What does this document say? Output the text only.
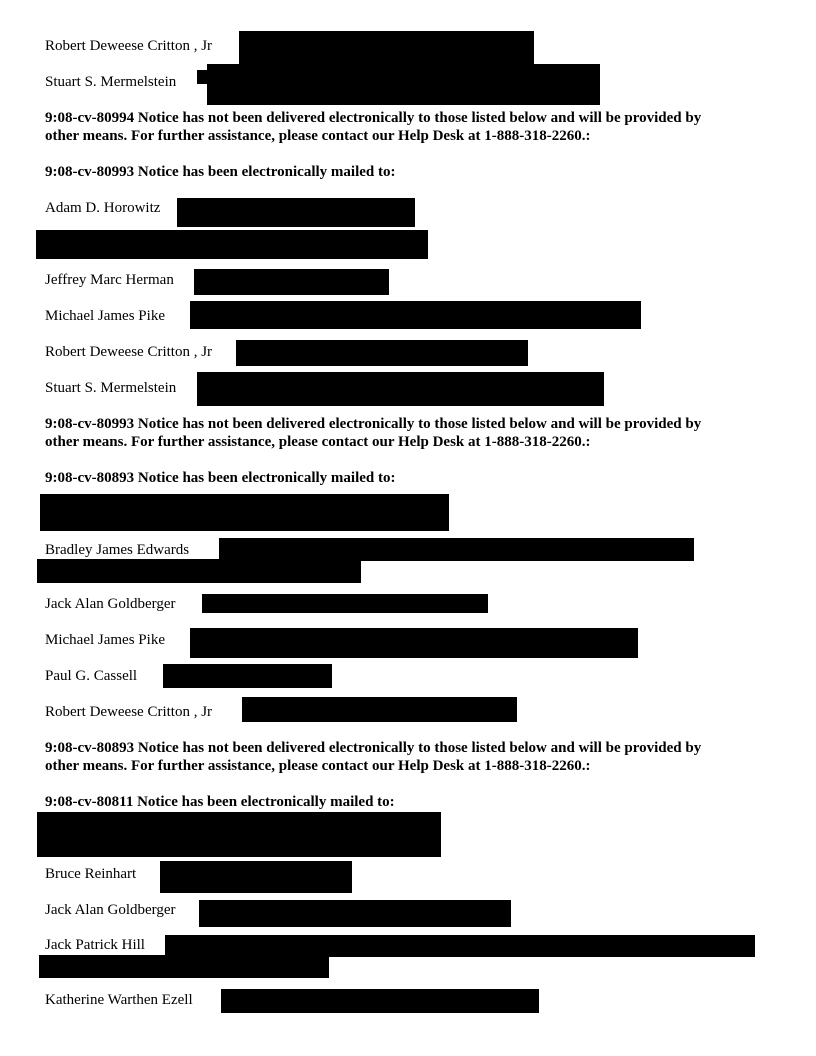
Robert Deweese Critton , Jr
Stuart S. Mermelstein
9:08-cv-80994 Notice has not been delivered electronically to those listed below and will be provided by
other means. For further assistance, please contact our Help Desk at 1-888-318-2260.:
9:08-cv-80993 Notice has been electronically mailed to:
Adam D. Horowitz
Jeffrey Marc Herman
Michael James Pike
Robert Deweese Critton , Jr
Stuart S. Mermelstein
9:08-cv-80993 Notice has not been delivered electronically to those listed below and will be provided by
other means. For further assistance, please contact our Help Desk at 1-888-318-2260.:
9:08-cv-80893 Notice has been electronically mailed to:
Bradley James Edwards
Jack Alan Goldberger
Michael James Pike
Paul G. Cassell
Robert Deweese Critton , Jr
9:08-cv-80893 Notice has not been delivered electronically to those listed below and will be provided by
other means. For further assistance, please contact our Help Desk at 1-888-318-2260.:
9:08-cv-80811 Notice has been electronically mailed to:
Bruce Reinhart
Jack Alan Goldberger
Jack Patrick Hill
Katherine Warthen Ezell
